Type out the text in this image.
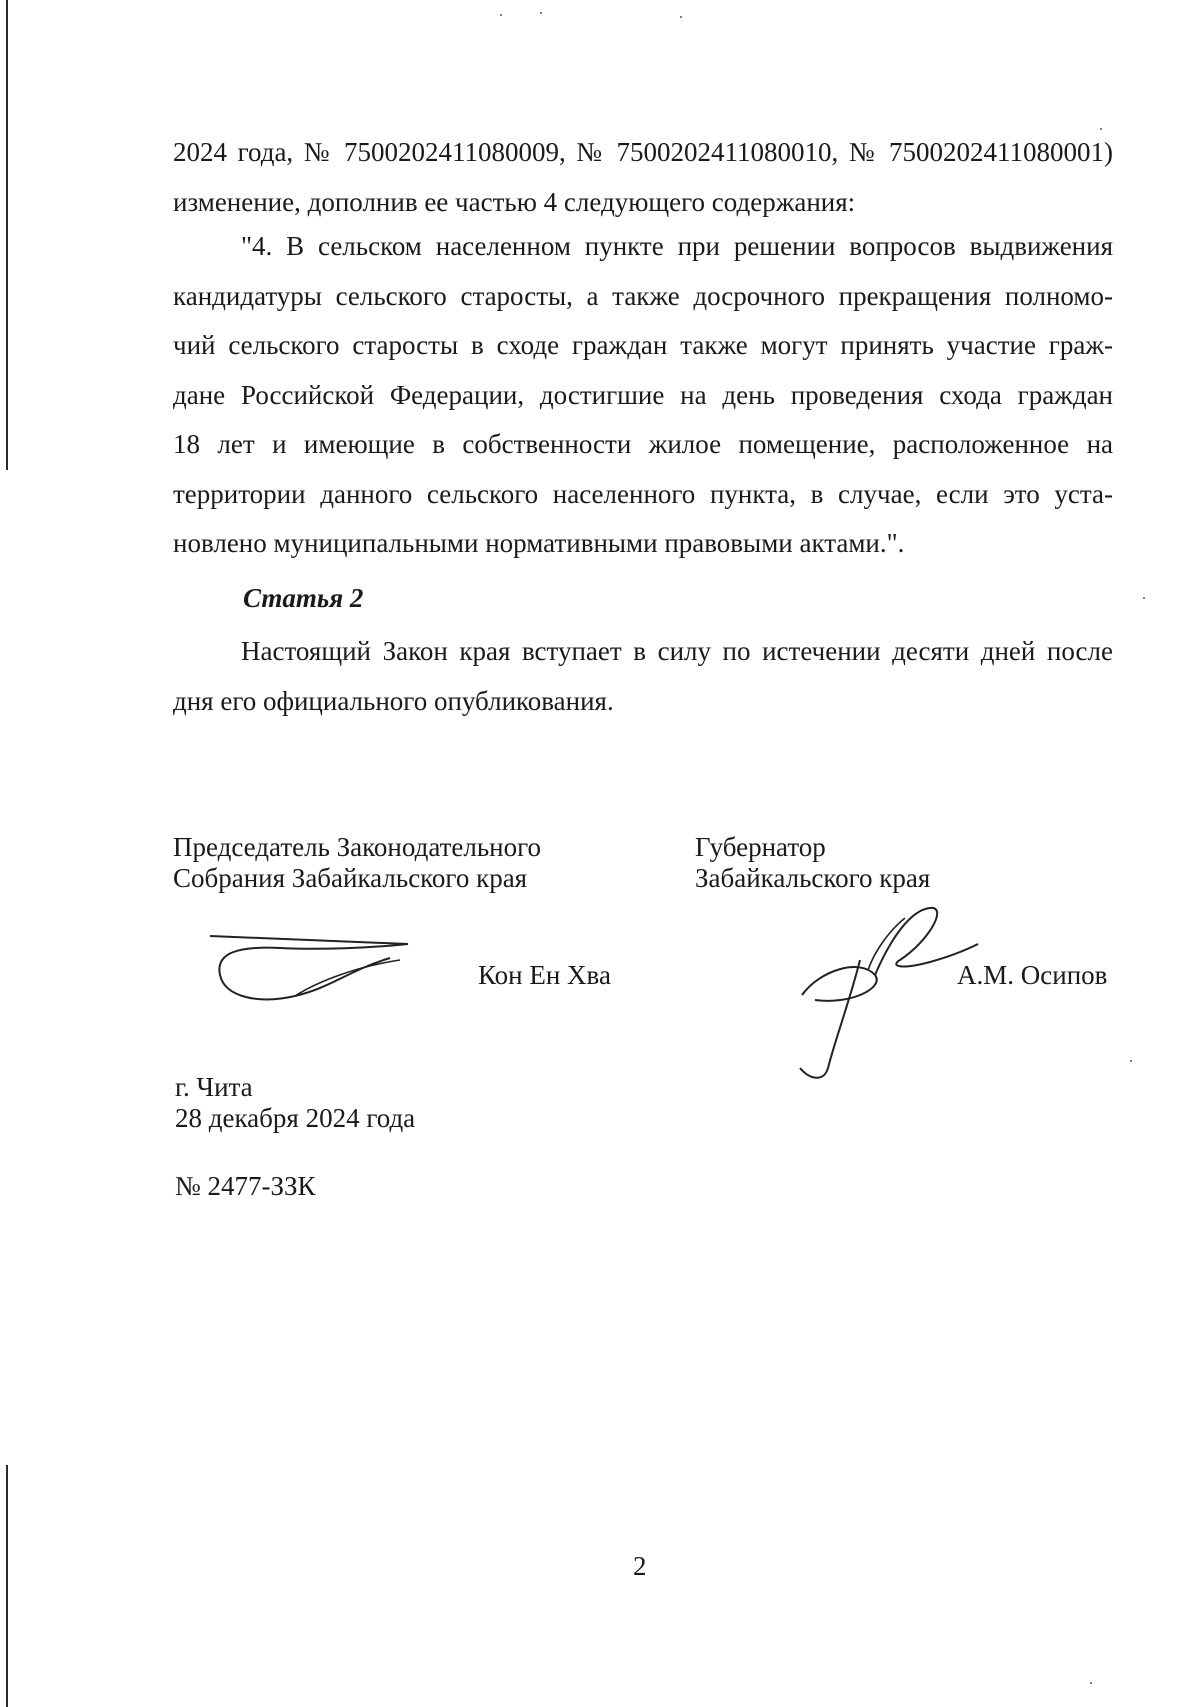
2024 года, № 7500202411080009, № 7500202411080010, № 7500202411080001)

изменение, дополнив ее частью 4 следующего содержания:

"4. В сельском населенном пункте при решении вопросов выдвижения

кандидатуры сельского старосты, а также досрочного прекращения полномо-

чий сельского старосты в сходе граждан также могут принять участие граж-

дане Российской Федерации, достигшие на день проведения схода граждан

18 лет и имеющие в собственности жилое помещение, расположенное на

территории данного сельского населенного пункта, в случае, если это уста-

новлено муниципальными нормативными правовыми актами.".

Статья 2

Настоящий Закон края вступает в силу по истечении десяти дней после

дня его официального опубликования.

Председатель Законодательного
Собрания Забайкальского края
Кон Ен Хва
Губернатор
Забайкальского края
А.М. Осипов
г. Чита
28 декабря 2024 года
№ 2477-ЗЗК
2
